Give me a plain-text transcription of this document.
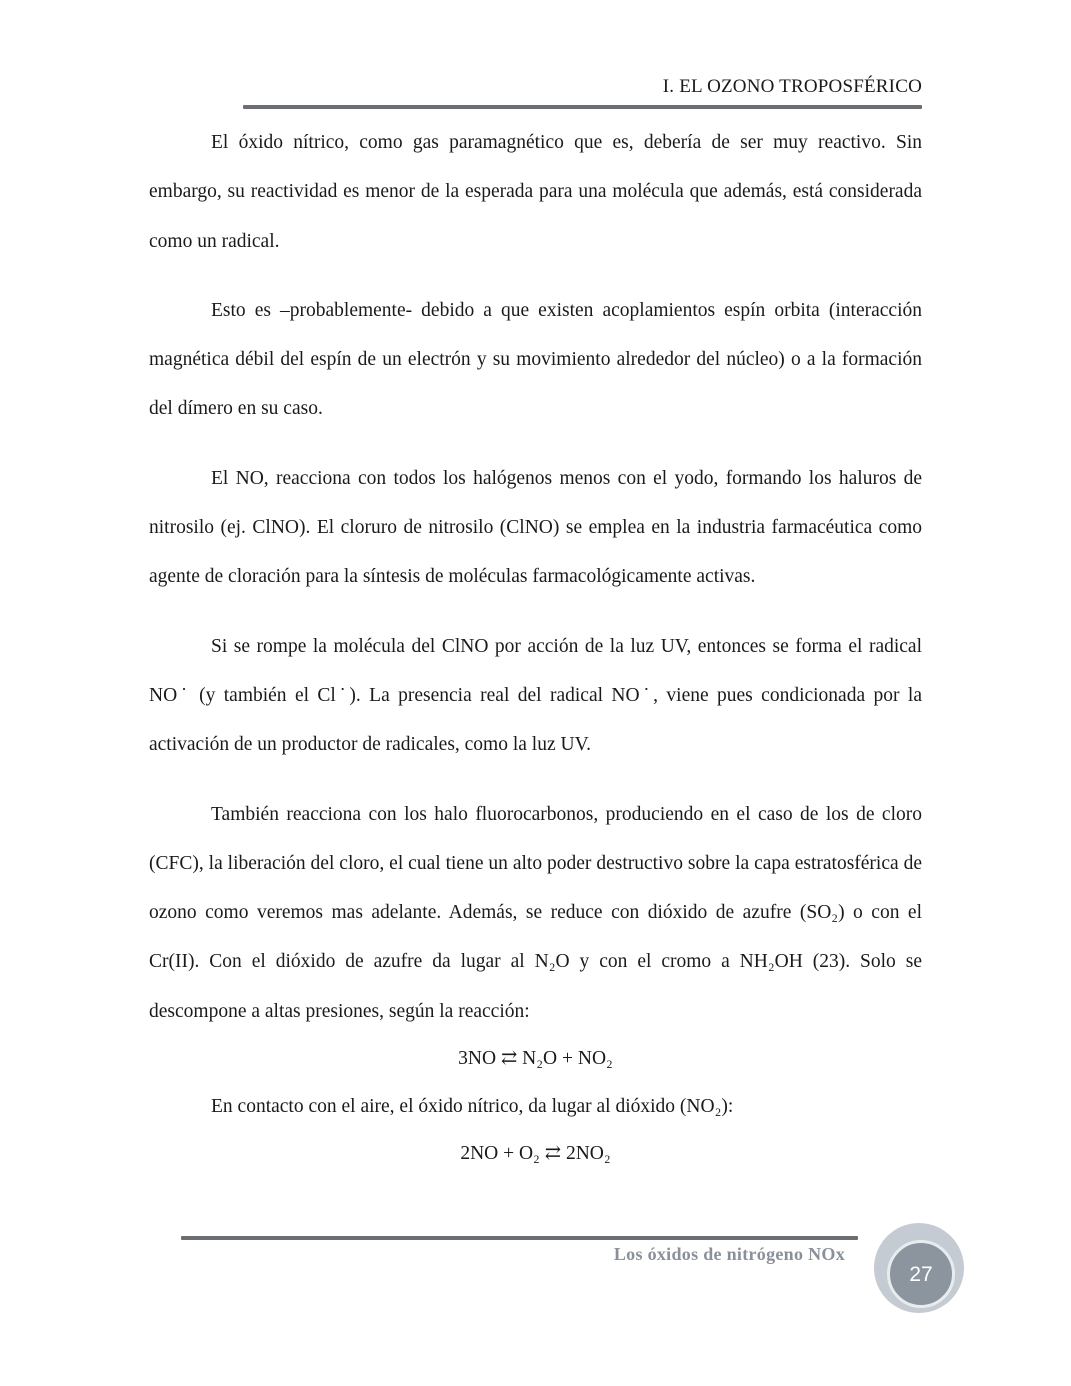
I. EL OZONO TROPOSFÉRICO

El óxido nítrico, como gas paramagnético que es, debería de ser muy reactivo. Sin embargo, su reactividad es menor de la esperada para una molécula que además, está considerada como un radical.

Esto es –probablemente- debido a que existen acoplamientos espín orbita (interacción magnética débil del espín de un electrón y su movimiento alrededor del núcleo) o a la formación del dímero en su caso.

El NO, reacciona con todos los halógenos menos con el yodo, formando los haluros de nitrosilo (ej. ClNO). El cloruro de nitrosilo (ClNO) se emplea en la industria farmacéutica como agente de cloración para la síntesis de moléculas farmacológicamente activas.

Si se rompe la molécula del ClNO por acción de la luz UV, entonces se forma el radical NO˙ (y también el Cl˙). La presencia real del radical NO˙, viene pues condicionada por la activación de un productor de radicales, como la luz UV.

También reacciona con los halo fluorocarbonos, produciendo en el caso de los de cloro (CFC), la liberación del cloro, el cual tiene un alto poder destructivo sobre la capa estratosférica de ozono como veremos mas adelante. Además, se reduce con dióxido de azufre (SO₂) o con el Cr(II). Con el dióxido de azufre da lugar al N₂O y con el cromo a NH₂OH (23). Solo se descompone a altas presiones, según la reacción:

3NO ⇄ N₂O + NO₂

En contacto con el aire, el óxido nítrico, da lugar al dióxido (NO₂):

2NO + O₂ ⇄ 2NO₂

Los óxidos de nitrógeno NOx
27
